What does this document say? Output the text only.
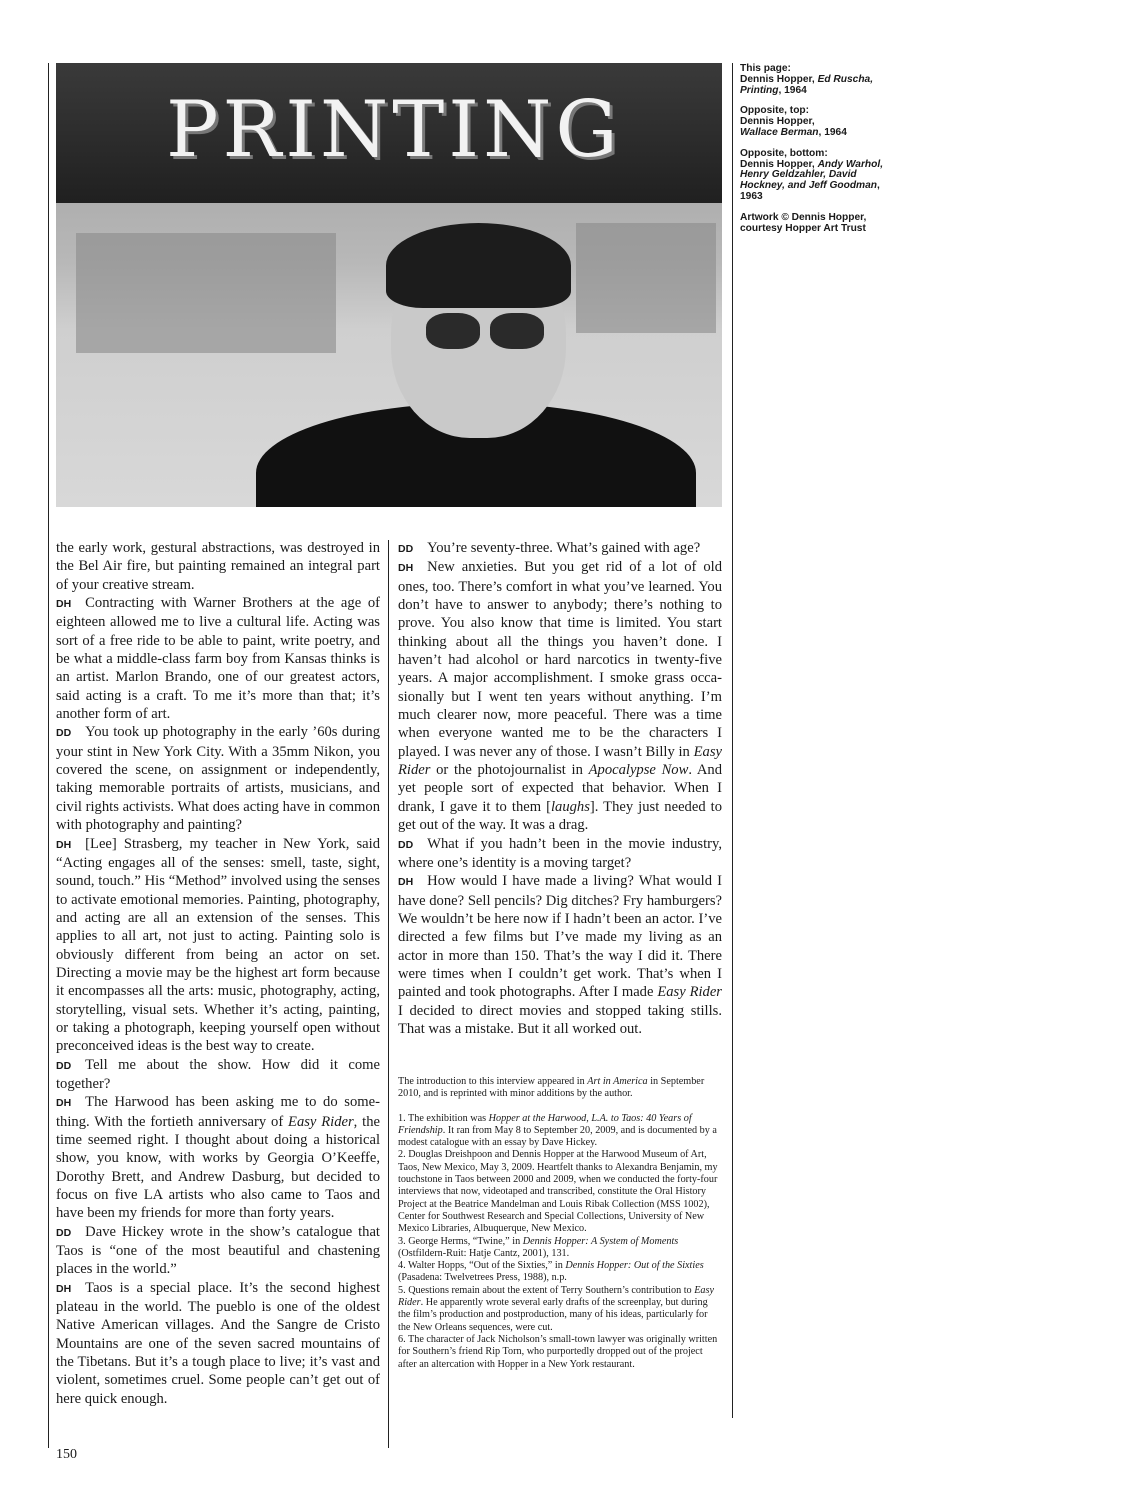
PRINTING
This page:
Dennis Hopper, Ed Ruscha,
Printing, 1964
Opposite, top:
Dennis Hopper,
Wallace Berman, 1964
Opposite, bottom:
Dennis Hopper, Andy Warhol,
Henry Geldzahler, David
Hockney, and Jeff Goodman,
1963
Artwork © Dennis Hopper,
courtesy Hopper Art Trust

the early work, gestural abstractions, was destroyed in the Bel Air fire, but painting remained an integral part of your creative stream.

DH Contracting with Warner Brothers at the age of eighteen allowed me to live a cultural life. Acting was sort of a free ride to be able to paint, write poetry, and be what a middle-class farm boy from Kansas thinks is an artist. Marlon Brando, one of our greatest actors, said acting is a craft. To me it’s more than that; it’s another form of art.

DD You took up photography in the early ’60s during your stint in New York City. With a 35mm Nikon, you covered the scene, on assignment or independently, taking memorable portraits of artists, musicians, and civil rights activists. What does acting have in common with photography and painting?

DH [Lee] Strasberg, my teacher in New York, said “Acting engages all of the senses: smell, taste, sight, sound, touch.” His “Method” involved using the senses to activate emotional memories. Painting, photography, and acting are all an extension of the senses. This applies to all art, not just to acting. Painting solo is obviously different from being an actor on set. Directing a movie may be the highest art form because it encompasses all the arts: music, photography, acting, storytelling, visual sets. Whether it’s acting, painting, or taking a photograph, keeping yourself open without preconceived ideas is the best way to create.

DD Tell me about the show. How did it come together?

DH The Harwood has been asking me to do something. With the fortieth anniversary of Easy Rider, the time seemed right. I thought about doing a historical show, you know, with works by Georgia O’Keeffe, Dorothy Brett, and Andrew Dasburg, but decided to focus on five LA artists who also came to Taos and have been my friends for more than forty years.

DD Dave Hickey wrote in the show’s catalogue that Taos is “one of the most beautiful and chastening places in the world.”

DH Taos is a special place. It’s the second highest plateau in the world. The pueblo is one of the oldest Native American villages. And the Sangre de Cristo Mountains are one of the seven sacred mountains of the Tibetans. But it’s a tough place to live; it’s vast and violent, sometimes cruel. Some people can’t get out of here quick enough.

DD You’re seventy-three. What’s gained with age?

DH New anxieties. But you get rid of a lot of old ones, too. There’s comfort in what you’ve learned. You don’t have to answer to anybody; there’s nothing to prove. You also know that time is limited. You start thinking about all the things you haven’t done. I haven’t had alcohol or hard narcotics in twenty-five years. A major accomplishment. I smoke grass occasionally but I went ten years without anything. I’m much clearer now, more peaceful. There was a time when everyone wanted me to be the characters I played. I was never any of those. I wasn’t Billy in Easy Rider or the photojournalist in Apocalypse Now. And yet people sort of expected that behavior. When I drank, I gave it to them [laughs]. They just needed to get out of the way. It was a drag.

DD What if you hadn’t been in the movie industry, where one’s identity is a moving target?

DH How would I have made a living? What would I have done? Sell pencils? Dig ditches? Fry hamburgers? We wouldn’t be here now if I hadn’t been an actor. I’ve directed a few films but I’ve made my living as an actor in more than 150. That’s the way I did it. There were times when I couldn’t get work. That’s when I painted and took photographs. After I made Easy Rider I decided to direct movies and stopped taking stills. That was a mistake. But it all worked out.

The introduction to this interview appeared in Art in America in September 2010, and is reprinted with minor additions by the author.

1. The exhibition was Hopper at the Harwood, L.A. to Taos: 40 Years of Friendship. It ran from May 8 to September 20, 2009, and is documented by a modest catalogue with an essay by Dave Hickey.

2. Douglas Dreishpoon and Dennis Hopper at the Harwood Museum of Art, Taos, New Mexico, May 3, 2009. Heartfelt thanks to Alexandra Benjamin, my touchstone in Taos between 2000 and 2009, when we conducted the forty-four interviews that now, videotaped and transcribed, constitute the Oral History Project at the Beatrice Mandelman and Louis Ribak Collection (MSS 1002), Center for Southwest Research and Special Collections, University of New Mexico Libraries, Albuquerque, New Mexico.

3. George Herms, “Twine,” in Dennis Hopper: A System of Moments (Ostfildern-Ruit: Hatje Cantz, 2001), 131.

4. Walter Hopps, “Out of the Sixties,” in Dennis Hopper: Out of the Sixties (Pasadena: Twelvetrees Press, 1988), n.p.

5. Questions remain about the extent of Terry Southern’s contribution to Easy Rider. He apparently wrote several early drafts of the screenplay, but during the film’s production and postproduction, many of his ideas, particularly for the New Orleans sequences, were cut.

6. The character of Jack Nicholson’s small-town lawyer was originally written for Southern’s friend Rip Torn, who purportedly dropped out of the project after an altercation with Hopper in a New York restaurant.

150
